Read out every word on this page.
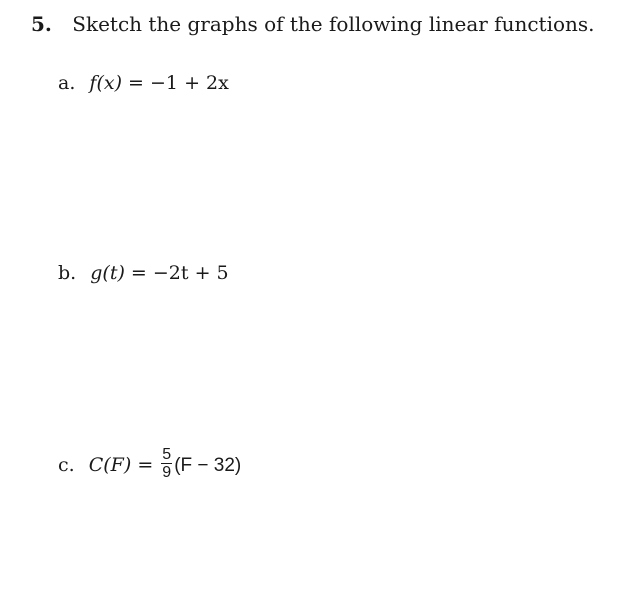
5. Sketch the graphs of the following linear functions.
a. f(x) = −1 + 2x
b. g(t) = −2t + 5
c. $C(F) = \frac{5}{9} (F - 32)$
